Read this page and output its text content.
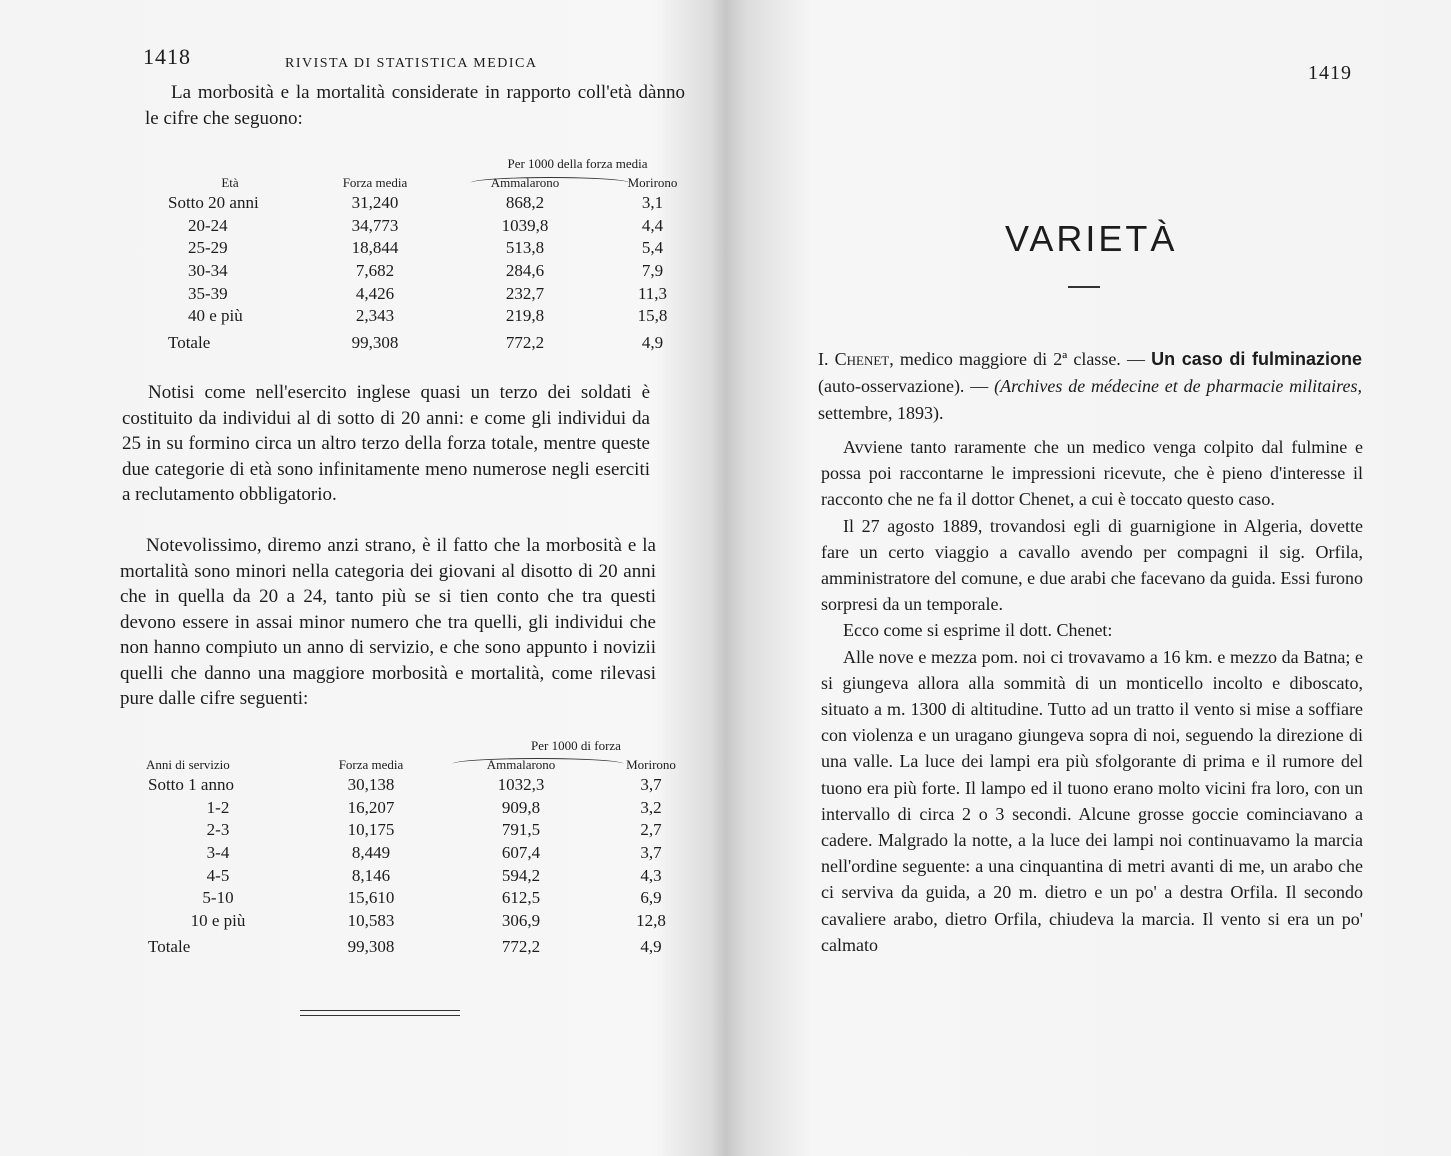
1418	RIVISTA DI STATISTICA MEDICA

La morbosità e la mortalità considerate in rapporto coll'età dànno le cifre che seguono:

		Per 1000 della forza media	
Età	Forza media	Ammalarono	Morirono
Sotto 20 anni	31,240	868,2	3,1
20-24	34,773	1039,8	4,4
25-29	18,844	513,8	5,4
30-34	7,682	284,6	7,9
35-39	4,426	232,7	11,3
40 e più	2,343	219,8	15,8
Totale	99,308	772,2	4,9

Notisi come nell'esercito inglese quasi un terzo dei soldati è costituito da individui al di sotto di 20 anni: e come gli individui da 25 in su formino circa un altro terzo della forza totale, mentre queste due categorie di età sono infinitamente meno numerose negli eserciti a reclutamento obbligatorio.

Notevolissimo, diremo anzi strano, è il fatto che la morbosità e la mortalità sono minori nella categoria dei giovani al disotto di 20 anni che in quella da 20 a 24, tanto più se si tien conto che tra questi devono essere in assai minor numero che tra quelli, gli individui che non hanno compiuto un anno di servizio, e che sono appunto i novizii quelli che danno una maggiore morbosità e mortalità, come rilevasi pure dalle cifre seguenti:

		Per 1000 di forza	
Anni di servizio	Forza media	Ammalarono	Morirono
Sotto 1 anno	30,138	1032,3	3,7
1-2	16,207	909,8	3,2
2-3	10,175	791,5	2,7
3-4	8,449	607,4	3,7
4-5	8,146	594,2	4,3
5-10	15,610	612,5	6,9
10 e più	10,583	306,9	12,8
Totale	99,308	772,2	4,9
1419
VARIETÀ
I. Chenet, medico maggiore di 2ª classe. — Un caso di fulminazione (auto-osservazione). — (Archives de médecine et de pharmacie militaires, settembre, 1893).

Avviene tanto raramente che un medico venga colpito dal fulmine e possa poi raccontarne le impressioni ricevute, che è pieno d'interesse il racconto che ne fa il dottor Chenet, a cui è toccato questo caso.

Il 27 agosto 1889, trovandosi egli di guarnigione in Algeria, dovette fare un certo viaggio a cavallo avendo per compagni il sig. Orfila, amministratore del comune, e due arabi che facevano da guida. Essi furono sorpresi da un temporale.

Ecco come si esprime il dott. Chenet:

Alle nove e mezza pom. noi ci trovavamo a 16 km. e mezzo da Batna; e si giungeva allora alla sommità di un monticello incolto e diboscato, situato a m. 1300 di altitudine. Tutto ad un tratto il vento si mise a soffiare con violenza e un uragano giungeva sopra di noi, seguendo la direzione di una valle. La luce dei lampi era più sfolgorante di prima e il rumore del tuono era più forte. Il lampo ed il tuono erano molto vicini fra loro, con un intervallo di circa 2 o 3 secondi. Alcune grosse goccie cominciavano a cadere. Malgrado la notte, a la luce dei lampi noi continuavamo la marcia nell'ordine seguente: a una cinquantina di metri avanti di me, un arabo che ci serviva da guida, a 20 m. dietro e un po' a destra Orfila. Il secondo cavaliere arabo, dietro Orfila, chiudeva la marcia. Il vento si era un po' calmato
